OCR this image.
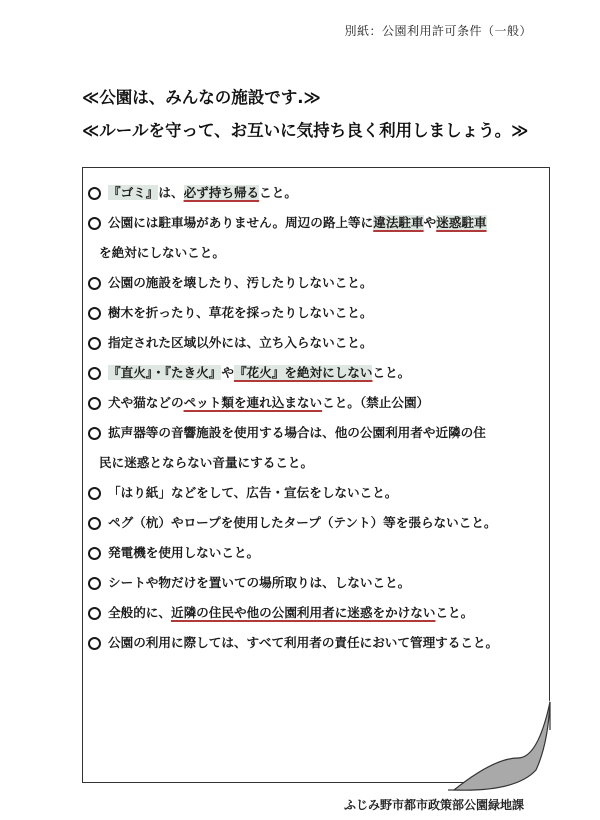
別紙：公園利用許可条件（一般）
≪公園は、みんなの施設です.≫
≪ルールを守って、お互いに気持ち良く利用しましょう。≫
『ゴミ』は、必ず持ち帰ること。
公園には駐車場がありません。周辺の路上等に違法駐車や迷惑駐車
を絶対にしないこと。
公園の施設を壊したり、汚したりしないこと。
樹木を折ったり、草花を採ったりしないこと。
指定された区域以外には、立ち入らないこと。
『直火』・『たき火』や『花火』を絶対にしないこと。
犬や猫などのペット類を連れ込まないこと。（禁止公園）
拡声器等の音響施設を使用する場合は、他の公園利用者や近隣の住
民に迷惑とならない音量にすること。
「はり紙」などをして、広告・宣伝をしないこと。
ペグ（杭）やロープを使用したタープ（テント）等を張らないこと。
発電機を使用しないこと。
シートや物だけを置いての場所取りは、しないこと。
全般的に、近隣の住民や他の公園利用者に迷惑をかけないこと。
公園の利用に際しては、すべて利用者の責任において管理すること。
ふじみ野市都市政策部公園緑地課
